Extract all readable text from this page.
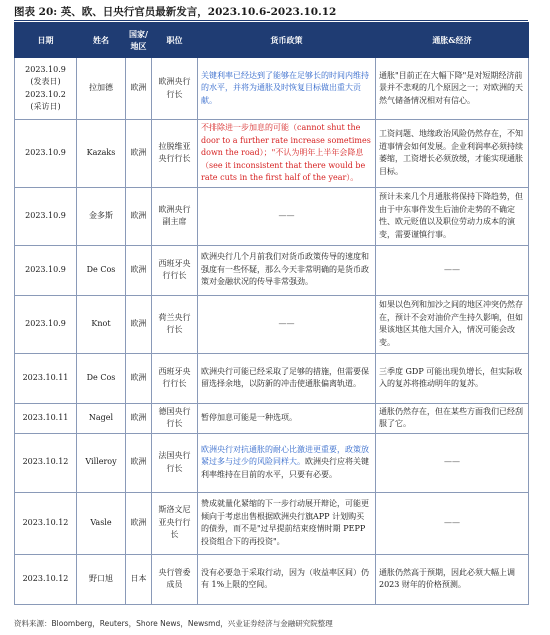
图表 20: 英、欧、日央行官员最新发言，2023.10.6-2023.10.12
日期	姓名	国家/地区	职位	货币政策	通胀&经济

2023.10.9
(发表日)
2023.10.2
(采访日)	拉加德	欧洲	欧洲央行行长	关键利率已经达到了能够在足够长的时间内维持的水平，并将为通胀及时恢复目标做出重大贡献。	通胀"目前正在大幅下降"是对短期经济前景并不悲观的几个原因之一；对欧洲的天然气储备情况相对有信心。

2023.10.9	Kazaks	欧洲	拉脱维亚央行行长	不排除进一步加息的可能（cannot shut the door to a further rate increase sometimes down the road）；"不认为明年上半年会降息（see it inconsistent that there would be rate cuts in the first half of the year）。	工资问题、地缘政治风险仍然存在，不知道事情会如何发展。企业利润率必须持续萎缩，工资增长必须放缓，才能实现通胀目标。

2023.10.9	金多斯	欧洲	欧洲央行副主席	——	预计未来几个月通胀将保持下降趋势，但由于中东事件发生后油价走势的不确定性、欧元贬值以及职位劳动力成本的演变，需要谨慎行事。

2023.10.9	De Cos	欧洲	西班牙央行行长	欧洲央行几个月前我们对货币政策传导的速度和强度有一些怀疑，那么今天非常明确的是货币政策对金融状况的传导非常强劲。	——

2023.10.9	Knot	欧洲	荷兰央行行长	——	如果以色列和加沙之间的地区冲突仍然存在，预计不会对油价产生持久影响，但如果该地区其他大国介入，情况可能会改变。

2023.10.11	De Cos	欧洲	西班牙央行行长	欧洲央行可能已经采取了足够的措施，但需要保留选择余地，以防新的冲击使通胀偏离轨道。	三季度 GDP 可能出现负增长，但实际收入的复苏将推动明年的复苏。

2023.10.11	Nagel	欧洲	德国央行行长	暂停加息可能是一种选项。	通胀仍然存在，但在某些方面我们已经刮服了它。

2023.10.12	Villeroy	欧洲	法国央行行长	欧洲央行对抗通胀的耐心比激进更重要，政策放紧过多与过少的风险同样大。欧洲央行应将关键利率维持在目前的水平，只要有必要。	——

2023.10.12	Vasle	欧洲	斯洛文尼亚央行行长	赞成就量化紧缩的下一步行动展开辩论，可能更倾向于考虑出售根据欧洲央行旗APP 计划购买的债券，而不是"过早提前结束疫情时期 PEPP 投资组合下的再投资"。	——

2023.10.12	野口旭	日本	央行管委成员	没有必要急于采取行动，因为（收益率区间）仍有 1%上限的空间。	通胀仍然高于预期，因此必须大幅上调 2023 财年的价格预测。
资料来源：Bloomberg，Reuters，Shore News，Newsmd，兴业证券经济与金融研究院整理
